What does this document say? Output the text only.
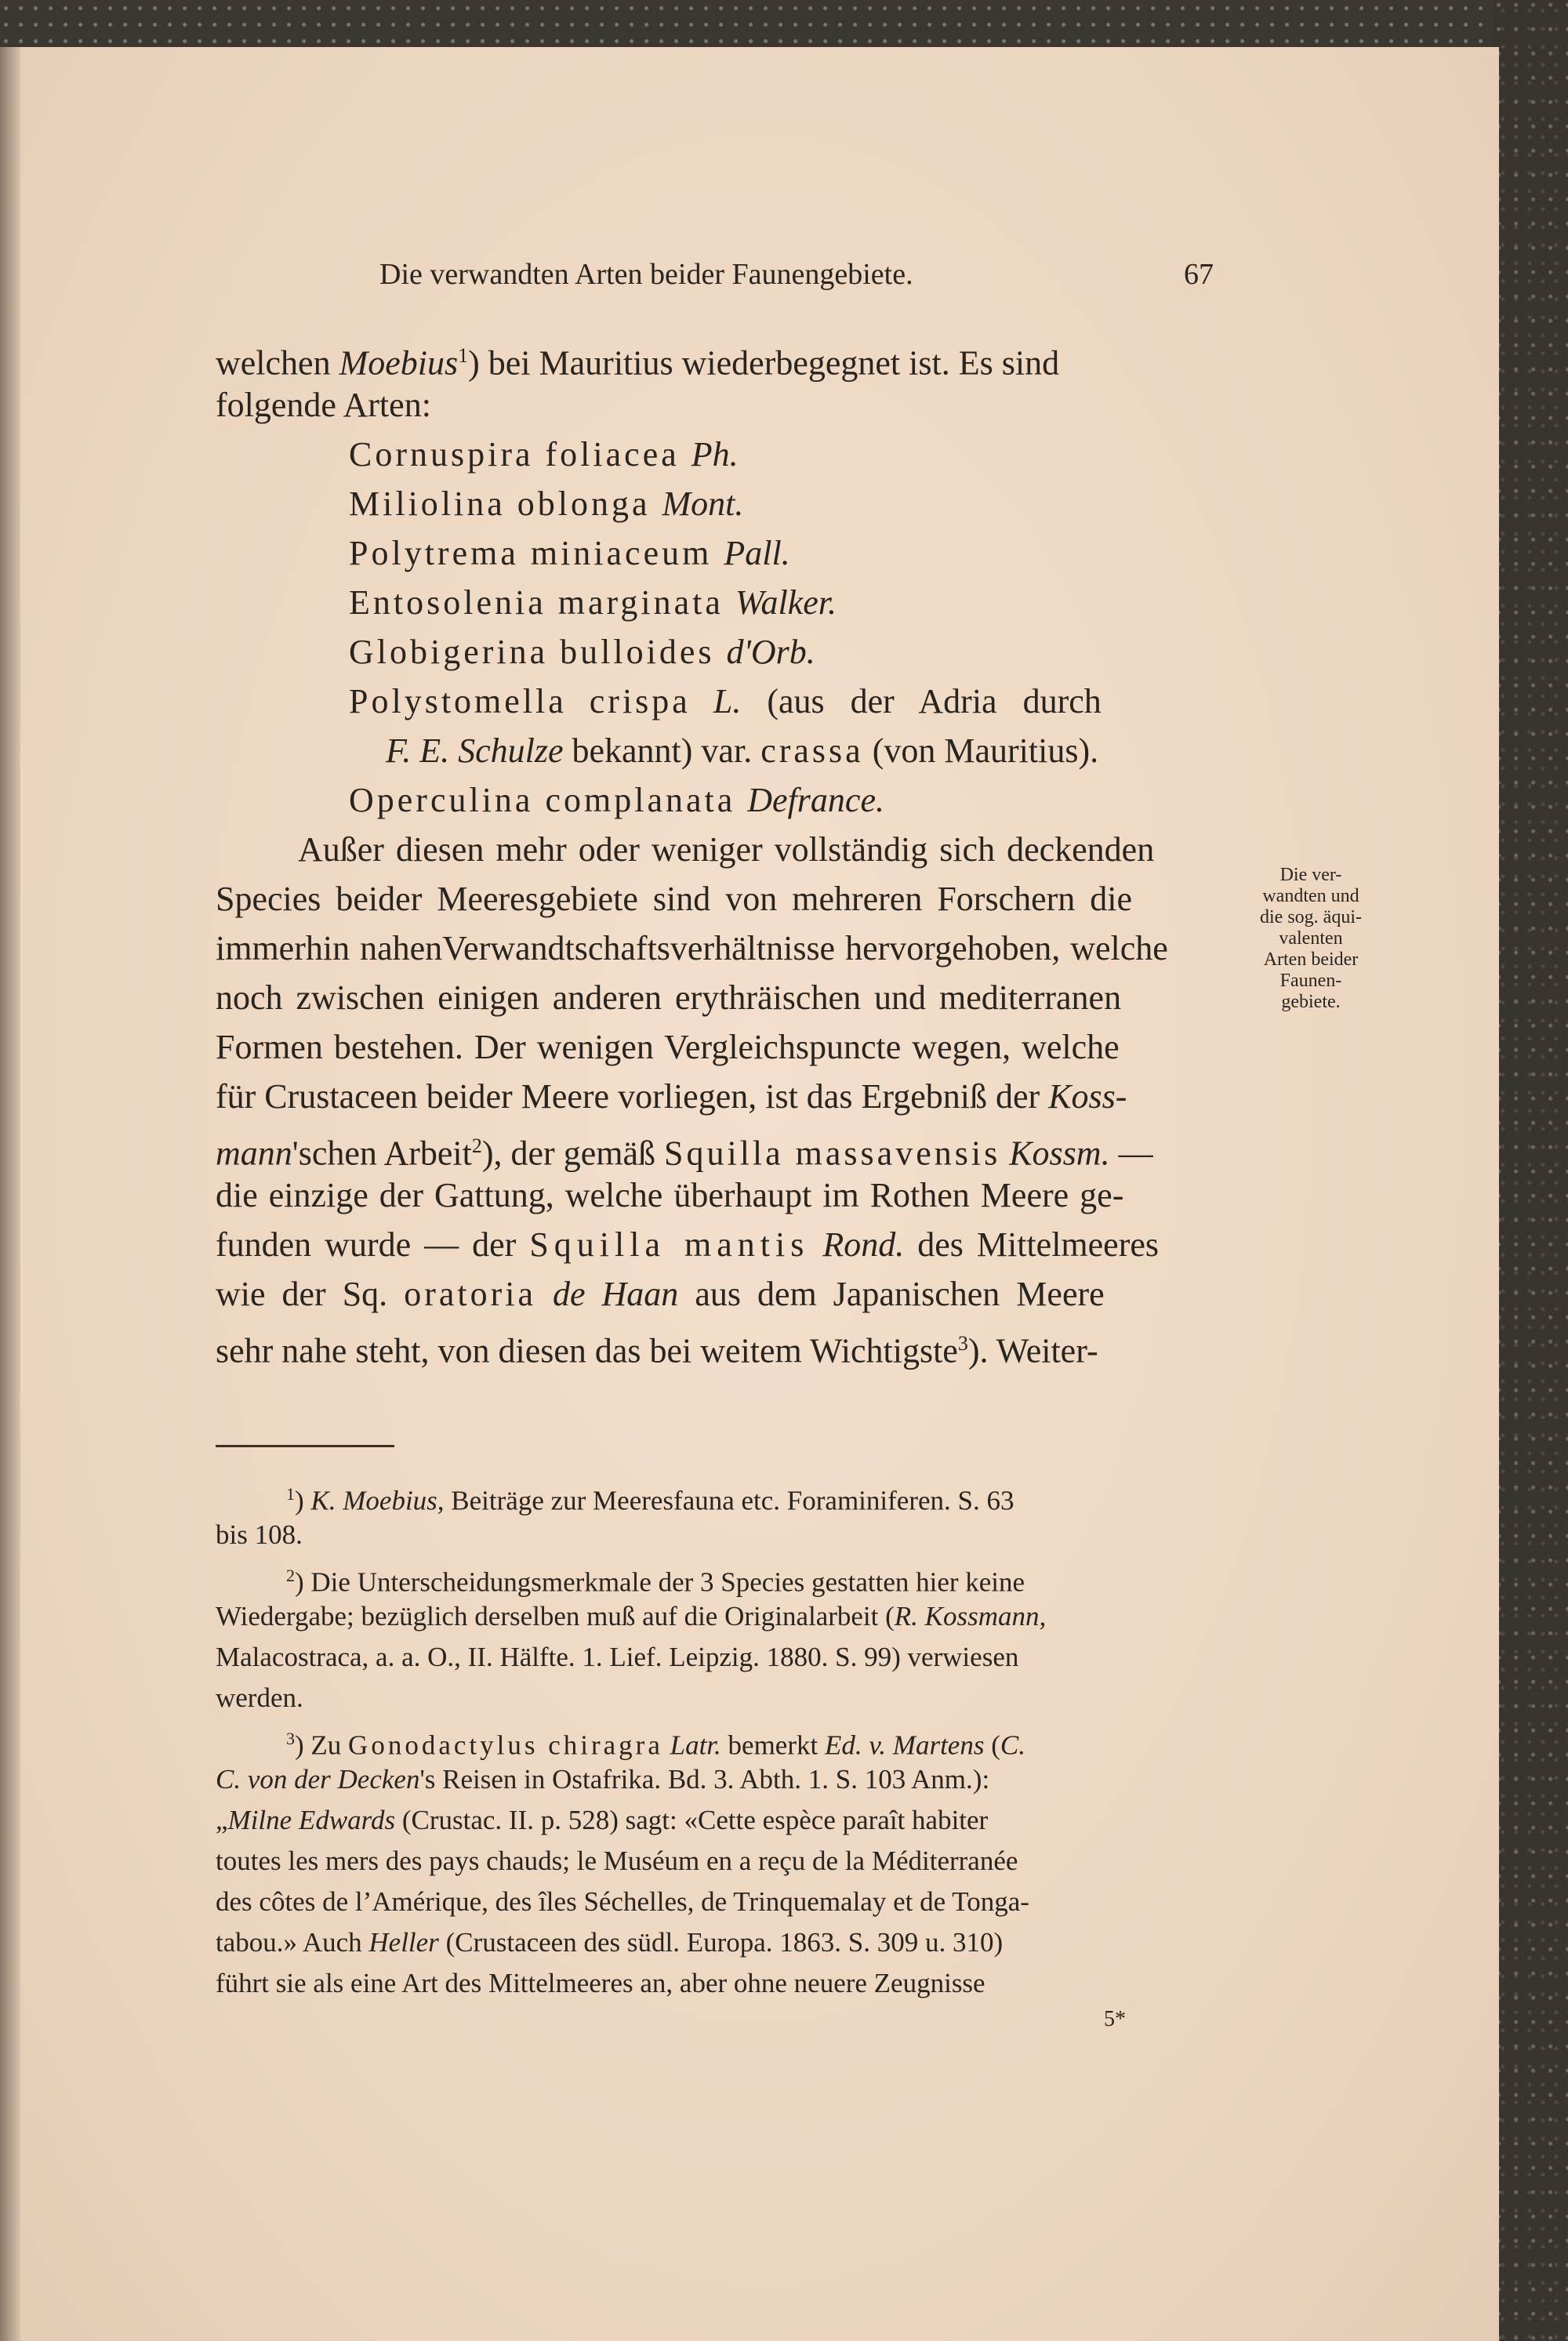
Die verwandten Arten beider Faunengebiete.	67
welchen Moebius$^1$) bei Mauritius wiederbegegnet ist. Es sind
folgende Arten:
Cornuspira foliacea Ph.
Miliolina oblonga Mont.
Polytrema miniaceum Pall.
Entosolenia marginata Walker.
Globigerina bulloides d'Orb.
Polystomella crispa L. (aus der Adria durch
F. E. Schulze bekannt) var. crassa (von Mauritius).
Operculina complanata Defrance.
Außer diesen mehr oder weniger vollständig sich deckenden
Species beider Meeresgebiete sind von mehreren Forschern die
immerhin nahenVerwandtschaftsverhältnisse hervorgehoben, welche
noch zwischen einigen anderen erythräischen und mediterranen
Formen bestehen. Der wenigen Vergleichspuncte wegen, welche
für Crustaceen beider Meere vorliegen, ist das Ergebniß der Koss-
mann'schen Arbeit$^2$), der gemäß Squilla massavensis Kossm. —
die einzige der Gattung, welche überhaupt im Rothen Meere ge-
funden wurde — der Squilla mantis Rond. des Mittelmeeres
wie der Sq. oratoria de Haan aus dem Japanischen Meere
sehr nahe steht, von diesen das bei weitem Wichtigste$^3$). Weiter-
Die ver-
wandten und
die sog. äqui-
valenten
Arten beider
Faunen-
gebiete.
$^1$) K. Moebius, Beiträge zur Meeresfauna etc. Foraminiferen. S. 63
bis 108.
$^2$) Die Unterscheidungsmerkmale der 3 Species gestatten hier keine
Wiedergabe; bezüglich derselben muß auf die Originalarbeit (R. Kossmann,
Malacostraca, a. a. O., II. Hälfte. 1. Lief. Leipzig. 1880. S. 99) verwiesen
werden.
$^3$) Zu Gonodactylus chiragra Latr. bemerkt Ed. v. Martens (C.
C. von der Decken's Reisen in Ostafrika. Bd. 3. Abth. 1. S. 103 Anm.):
„Milne Edwards (Crustac. II. p. 528) sagt: «Cette espèce paraît habiter
toutes les mers des pays chauds; le Muséum en a reçu de la Méditerranée
des côtes de l’Amérique, des îles Séchelles, de Trinquemalay et de Tonga-
tabou.» Auch Heller (Crustaceen des südl. Europa. 1863. S. 309 u. 310)
führt sie als eine Art des Mittelmeeres an, aber ohne neuere Zeugnisse
5*
